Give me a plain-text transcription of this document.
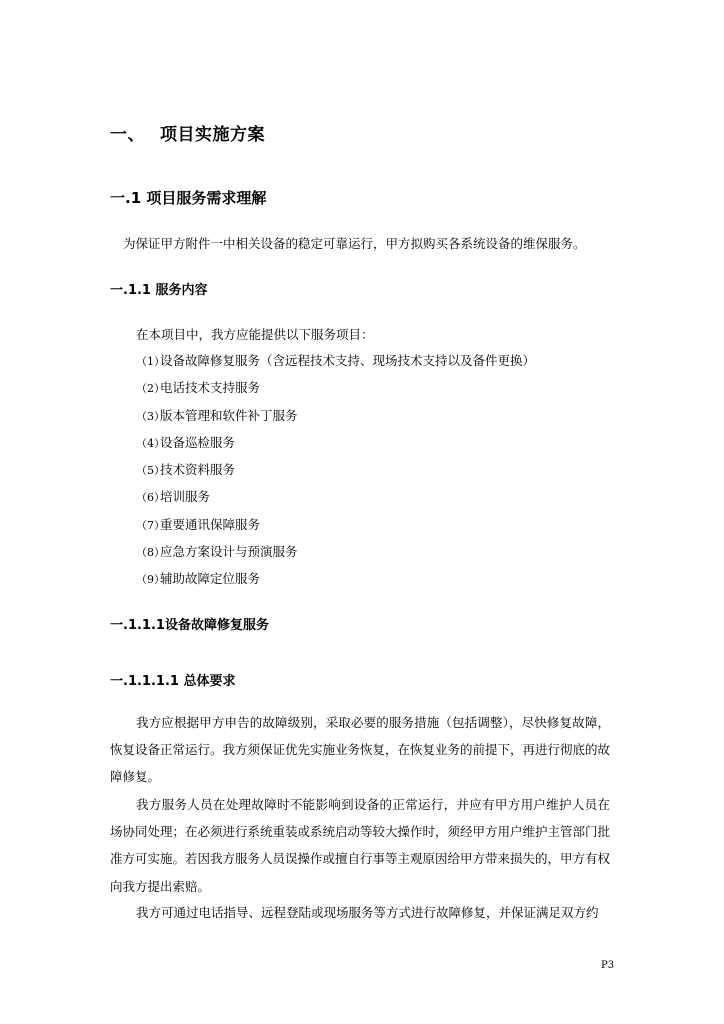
一、 项目实施方案
一.1 项目服务需求理解
为保证甲方附件一中相关设备的稳定可靠运行，甲方拟购买各系统设备的维保服务。
一.1.1 服务内容
在本项目中，我方应能提供以下服务项目：
（1）设备故障修复服务（含远程技术支持、现场技术支持以及备件更换）
（2）电话技术支持服务
（3）版本管理和软件补丁服务
（4）设备巡检服务
（5）技术资料服务
（6）培训服务
（7）重要通讯保障服务
（8）应急方案设计与预演服务
（9）辅助故障定位服务
一.1.1.1设备故障修复服务
一.1.1.1.1 总体要求

我方应根据甲方申告的故障级别，采取必要的服务措施（包括调整），尽快修复故障，恢复设备正常运行。我方须保证优先实施业务恢复，在恢复业务的前提下，再进行彻底的故障修复。

我方服务人员在处理故障时不能影响到设备的正常运行，并应有甲方用户维护人员在场协同处理；在必须进行系统重装或系统启动等较大操作时，须经甲方用户维护主管部门批准方可实施。若因我方服务人员误操作或擅自行事等主观原因给甲方带来损失的，甲方有权向我方提出索赔。

我方可通过电话指导、远程登陆或现场服务等方式进行故障修复，并保证满足双方约

P3
